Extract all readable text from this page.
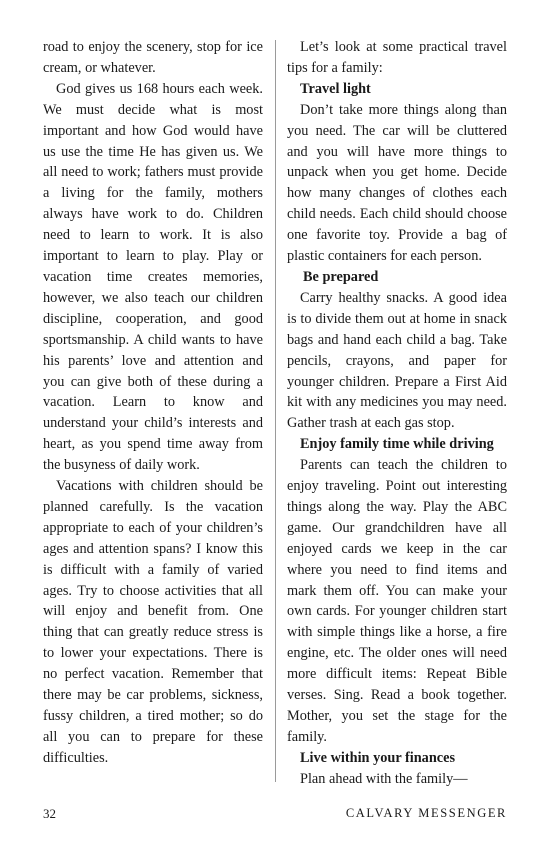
road to enjoy the scenery, stop for ice cream, or whatever.

God gives us 168 hours each week. We must decide what is most important and how God would have us use the time He has given us. We all need to work; fathers must provide a living for the family, mothers always have work to do. Children need to learn to work. It is also important to learn to play. Play or vacation time creates memories, however, we also teach our children discipline, cooperation, and good sportsmanship. A child wants to have his parents’ love and attention and you can give both of these during a vacation. Learn to know and understand your child’s interests and heart, as you spend time away from the busyness of daily work.

Vacations with children should be planned carefully. Is the vacation appropriate to each of your children’s ages and attention spans? I know this is difficult with a family of varied ages. Try to choose activities that all will enjoy and benefit from. One thing that can greatly reduce stress is to lower your expectations. There is no perfect vacation. Remember that there may be car problems, sickness, fussy children, a tired mother; so do all you can to prepare for these difficulties.

Let’s look at some practical travel tips for a family:

Travel light

Don’t take more things along than you need. The car will be cluttered and you will have more things to unpack when you get home. Decide how many changes of clothes each child needs. Each child should choose one favorite toy. Provide a bag of plastic containers for each person.

Be prepared

Carry healthy snacks. A good idea is to divide them out at home in snack bags and hand each child a bag. Take pencils, crayons, and paper for younger children. Prepare a First Aid kit with any medicines you may need. Gather trash at each gas stop.

Enjoy family time while driving

Parents can teach the children to enjoy traveling. Point out interesting things along the way. Play the ABC game. Our grandchildren have all enjoyed cards we keep in the car where you need to find items and mark them off. You can make your own cards. For younger children start with simple things like a horse, a fire engine, etc. The older ones will need more difficult items: Repeat Bible verses. Sing. Read a book together. Mother, you set the stage for the family.

Live within your finances

Plan ahead with the family—

32	CALVARY MESSENGER
